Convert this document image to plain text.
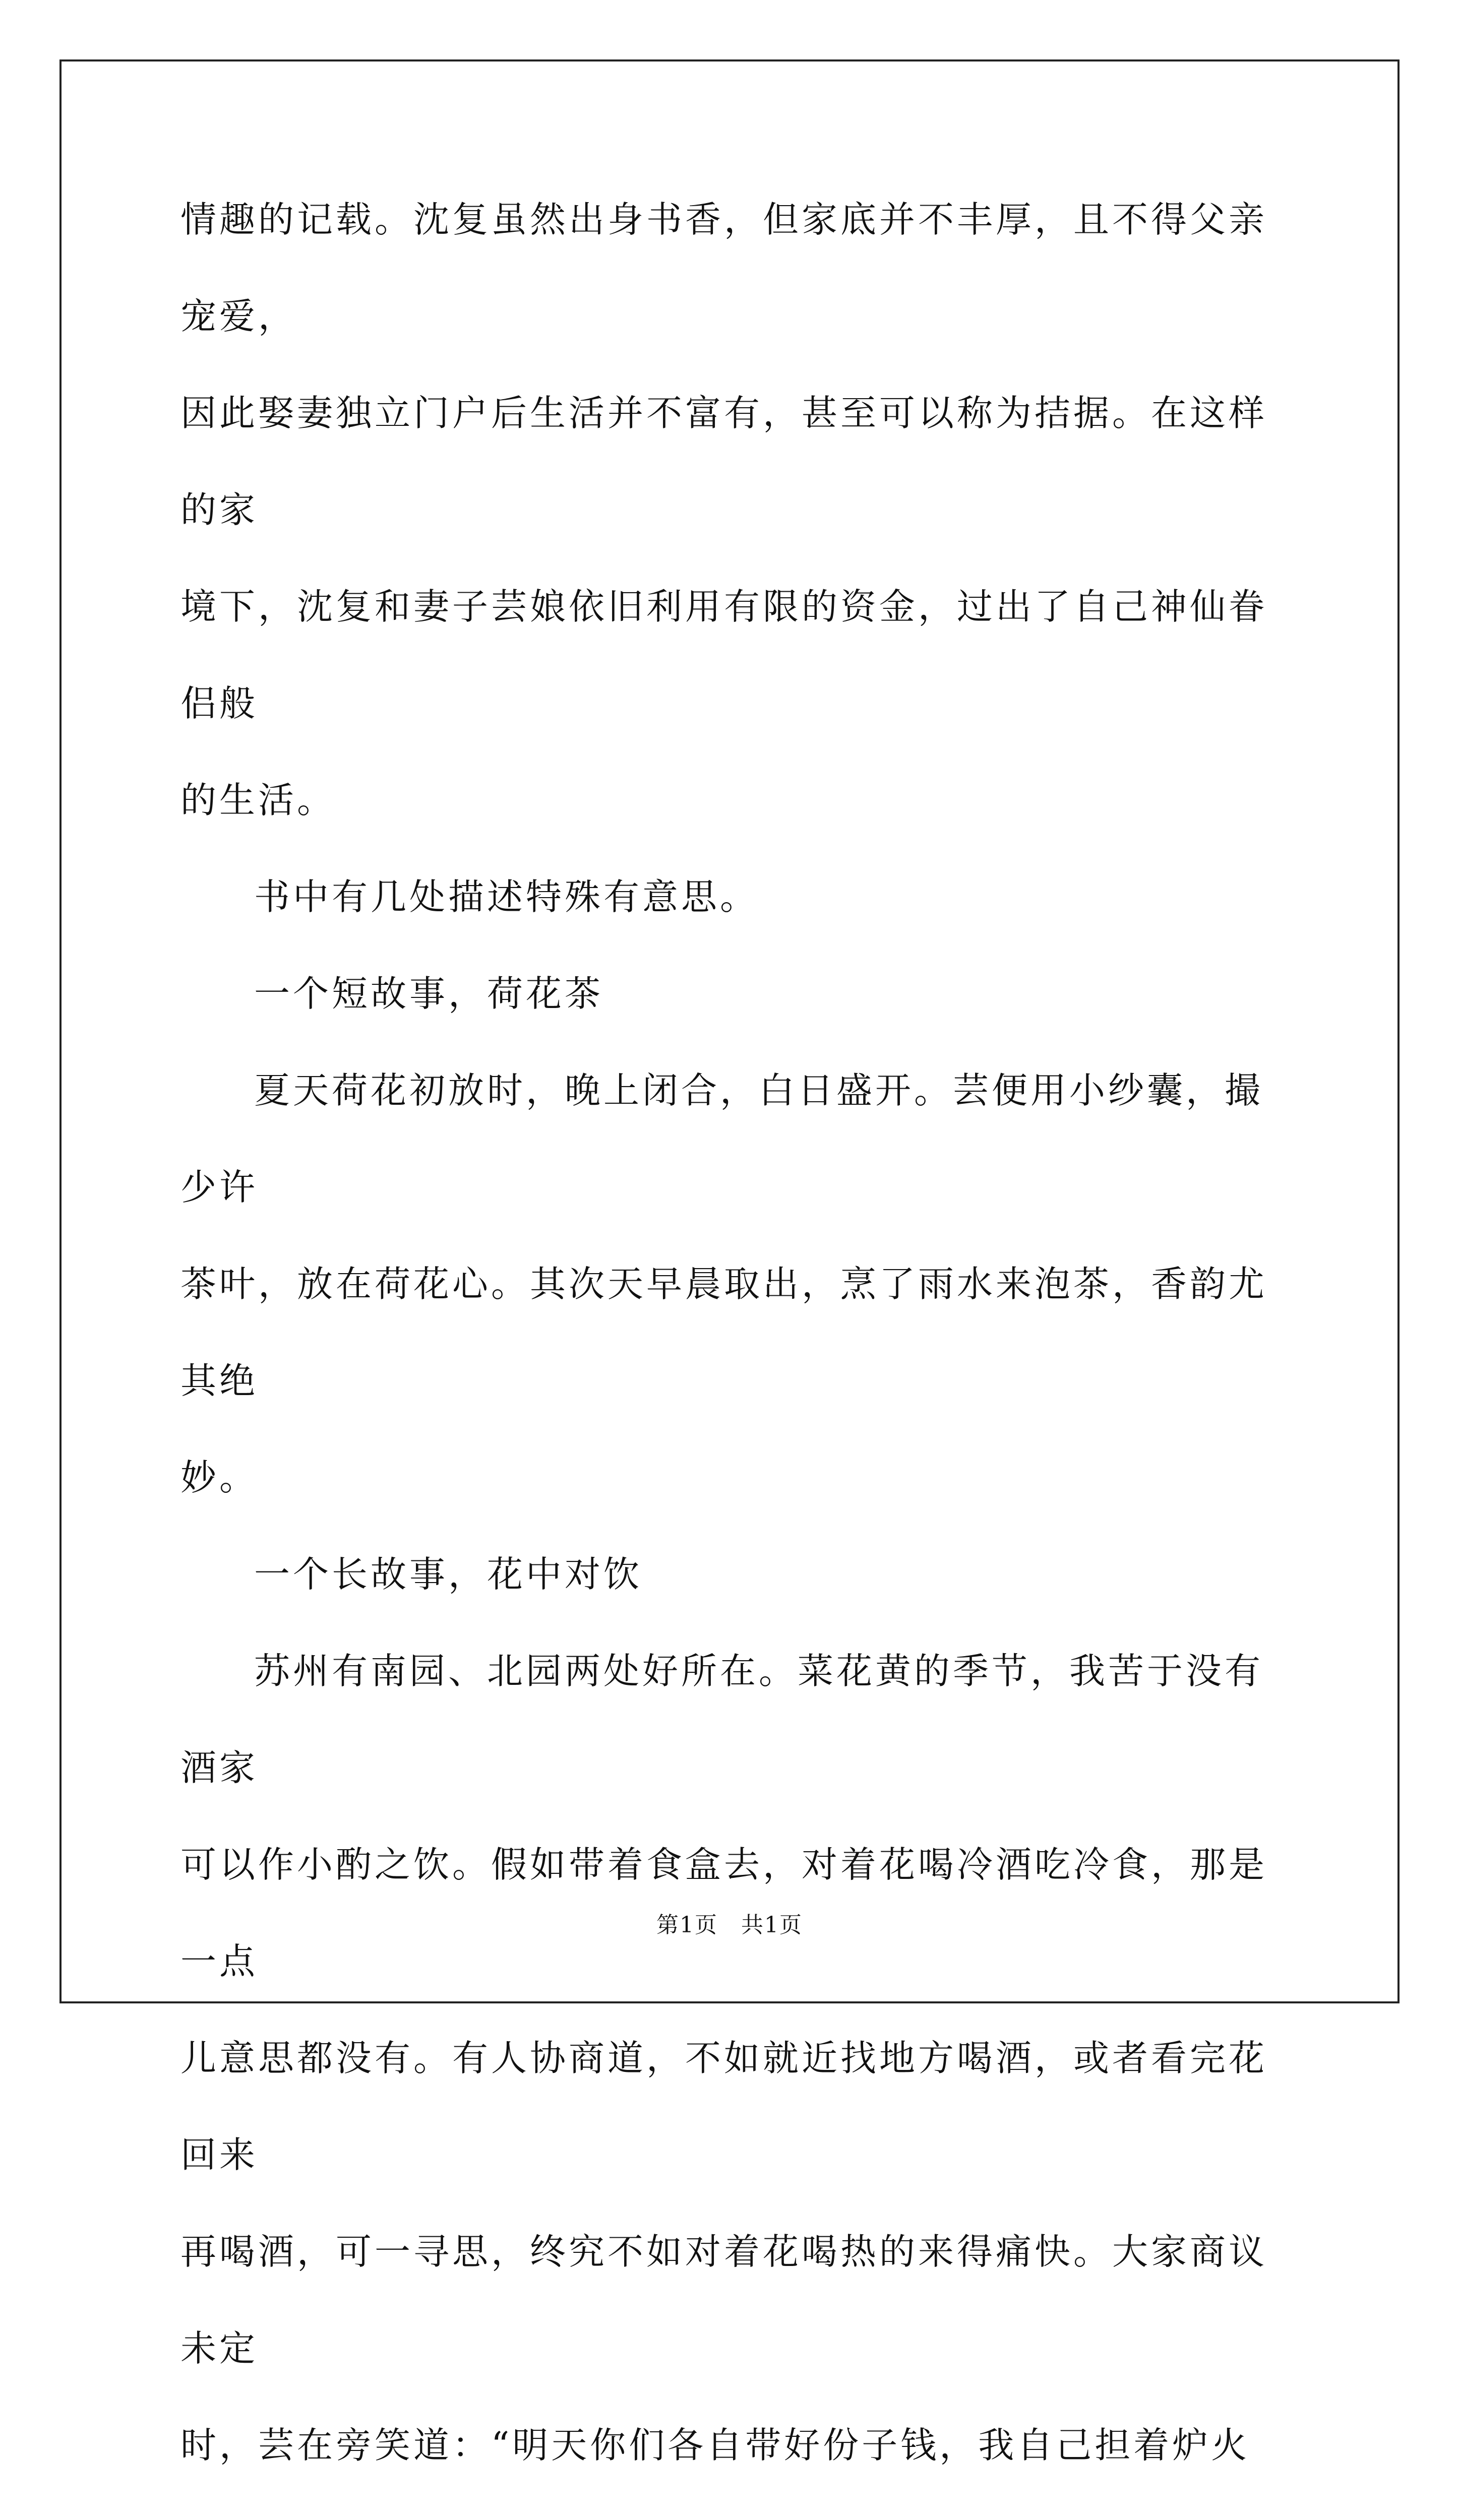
情趣的记载。沈复虽然出身书香，但家底并不丰厚，且不得父亲宠爱，
因此娶妻独立门户后生活并不富有，甚至可以称为拮据。在这样的家
境下，沈复和妻子芸娘依旧利用有限的资金，过出了自己神仙眷侣般
的生活。

书中有几处描述特殊有意思。

一个短故事，荷花茶

夏天荷花初放时，晚上闭合，白日盛开。芸便用小纱囊，撮少许
茶叶，放在荷花心。其次天早晨取出，烹了雨水来泡茶，香韵尤其绝
妙。

一个长故事，花中对饮

苏州有南园、北园两处好所在。菜花黄的季节，我苦于没有酒家
可以作小酌之饮。假如带着食盒去，对着花喝冷酒吃冷食，那是一点
儿意思都没有。有人协商道，不如就近找地方喝酒，或者看完花回来
再喝酒，可一寻思，终究不如对着花喝热的来得痛快。大家商议未定
时，芸在旁笑道：“明天你们各自带好份子钱，我自己担着炉火

第1页　共1页
